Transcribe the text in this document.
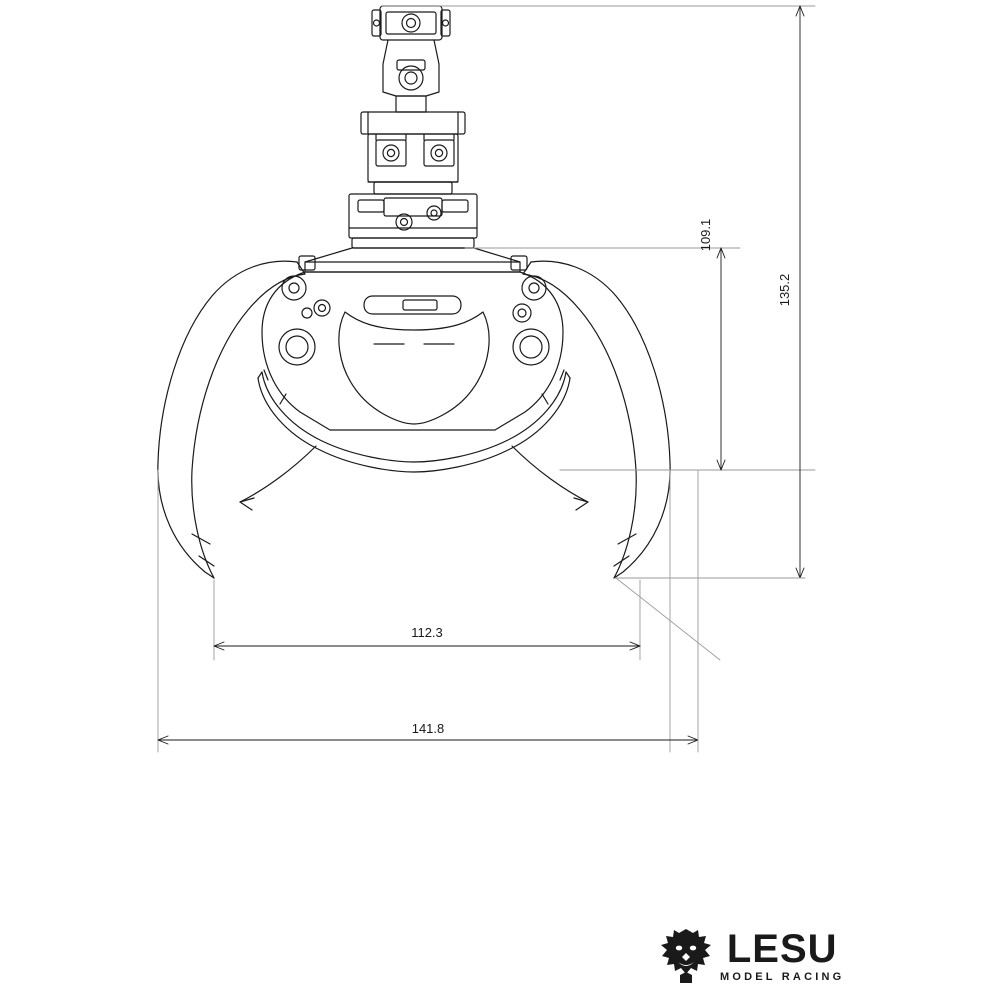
109.1
135.2
112.3
141.8
LESU
MODEL RACING
